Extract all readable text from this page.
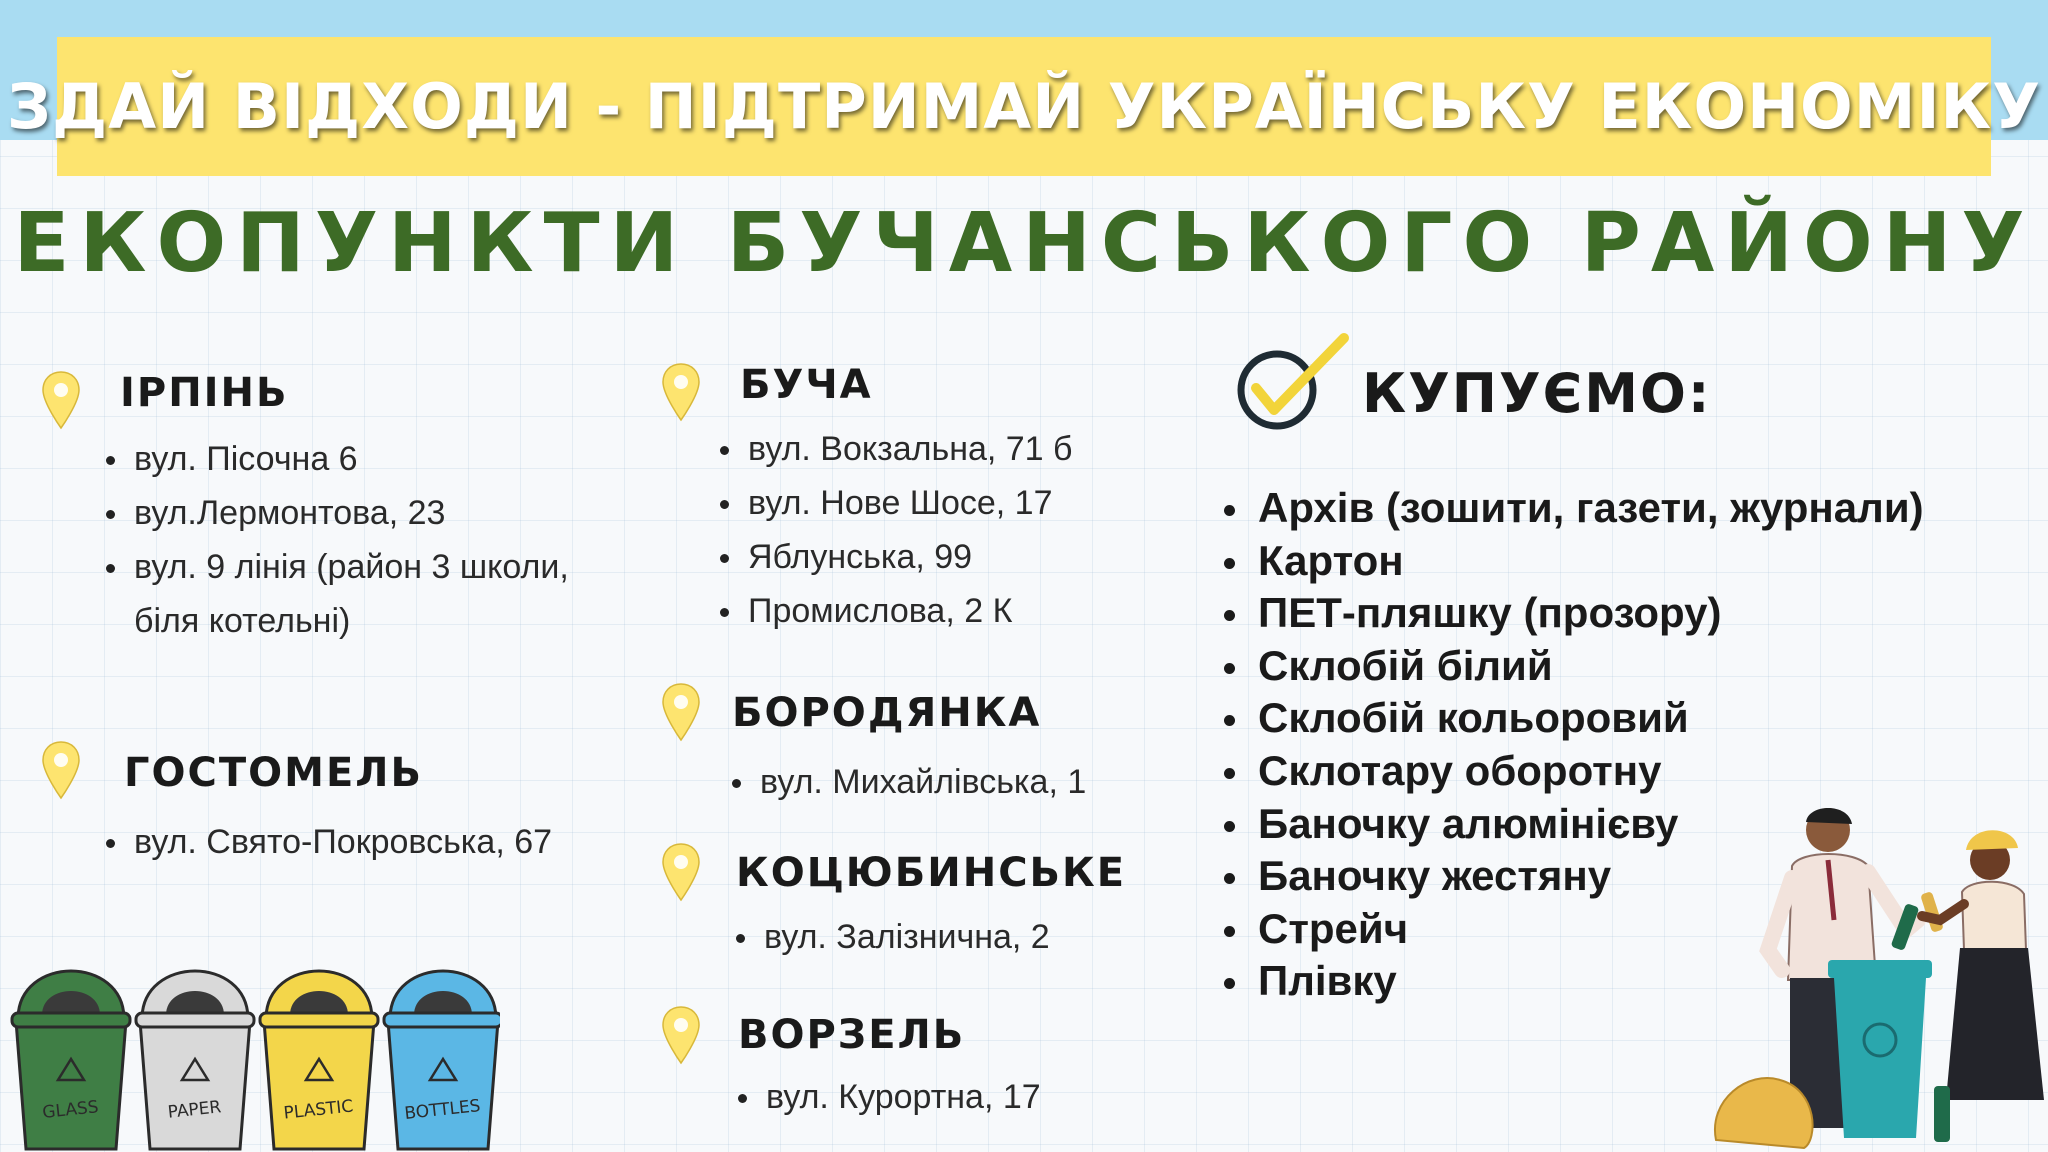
ЗДАЙ ВІДХОДИ - ПІДТРИМАЙ УКРАЇНСЬКУ ЕКОНОМІКУ
ЕКОПУНКТИ БУЧАНСЬКОГО РАЙОНУ
ІРПІНЬ
вул. Пісочна 6
вул.Лермонтова, 23
вул. 9 лінія (район 3 школи,
біля котельні)
ГОСТОМЕЛЬ
вул. Свято-Покровська, 67
БУЧА
вул. Вокзальна, 71 б
вул. Нове Шосе, 17
Яблунська, 99
Промислова, 2 К
БОРОДЯНКА
вул. Михайлівська, 1
КОЦЮБИНСЬКЕ
вул. Залізнична, 2
ВОРЗЕЛЬ
вул. Курортна, 17
КУПУЄМО:
Архів (зошити, газети, журнали)
Картон
ПЕТ-пляшку (прозору)
Склобій білий
Склобій кольоровий
Склотару оборотну
Баночку алюмінієву
Баночку жестяну
Стрейч
Плівку
GLASS	PAPER	PLASTIC	BOTTLES
